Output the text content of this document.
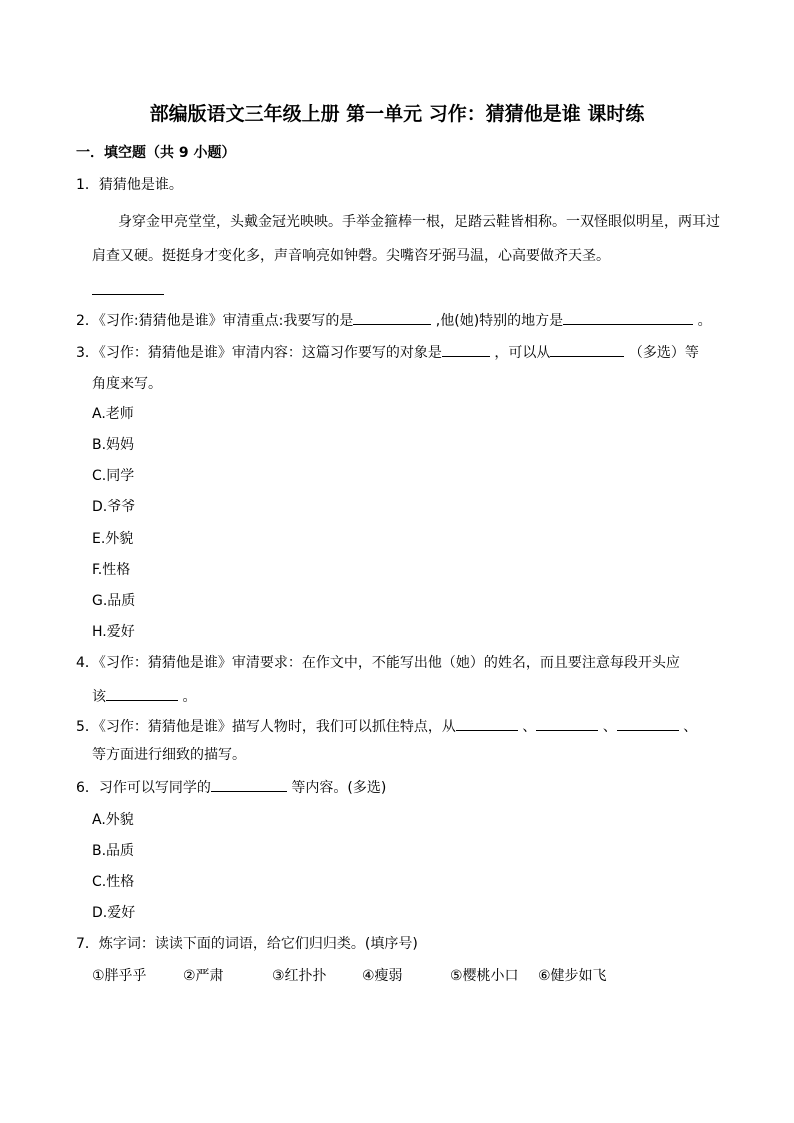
部编版语文三年级上册 第一单元 习作：猜猜他是谁 课时练
一．填空题（共 9 小题）
1．猜猜他是谁。
身穿金甲亮堂堂，头戴金冠光映映。手举金箍棒一根，足踏云鞋皆相称。一双怪眼似明星，两耳过
肩查又硬。挺挺身才变化多，声音响亮如钟磬。尖嘴咨牙弼马温，心高要做齐天圣。
2．《习作:猜猜他是谁》审清重点:我要写的是	,他(她)特别的地方是	。
3．《习作：猜猜他是谁》审清内容：这篇习作要写的对象是	，可以从	（多选）等
角度来写。
A.老师
B.妈妈
C.同学
D.爷爷
E.外貌
F.性格
G.品质
H.爱好
4．《习作：猜猜他是谁》审清要求：在作文中，不能写出他（她）的姓名，而且要注意每段开头应
该	。
5．《习作：猜猜他是谁》描写人物时，我们可以抓住特点，从	、	、	、
等方面进行细致的描写。
6．习作可以写同学的	等内容。(多选)
A.外貌
B.品质
C.性格
D.爱好
7．炼字词：读读下面的词语，给它们归归类。(填序号)
①胖乎乎	②严肃	③红扑扑	④瘦弱	⑤樱桃小口 ⑥健步如飞
